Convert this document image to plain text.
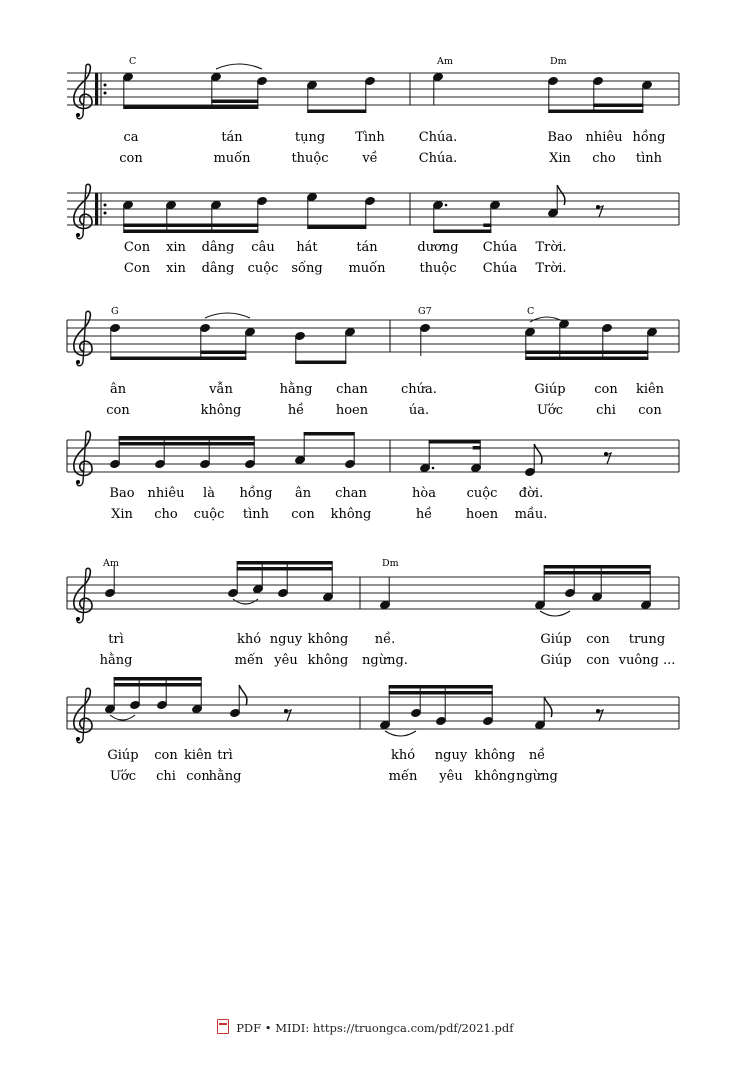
C	Am	Dm
ca	tán	tụng Tình
con	muốn	thuộc	về
Chúa.	Bao nhiêu hồng
Chúa.	Xin cho tình
Con xin dâng câu hát	tán
Con xin dâng cuộc sống muốn
dương Chúa Trời.
thuộc Chúa Trời.
G	G7	C
ân	vẫn	hằng chan
con	không	hề hoen
chứa.	Giúp con kiên
úa.	Ước	chi con
Bao nhiêu là hồng ân chan
Xin cho cuộc tình con không
hòa cuộc đời.
hề	hoen mầu.
Am	Dm
trì	khó nguy không
hằng	mến yêu không
nề.	Giúp con trung
ngừng.	Giúp con vuông ...
Giúp con kiên trì
Ước chi con
hằng
khó nguy không nề
mến yêu không ngừng
PDF • MIDI: https://truongca.com/pdf/2021.pdf
